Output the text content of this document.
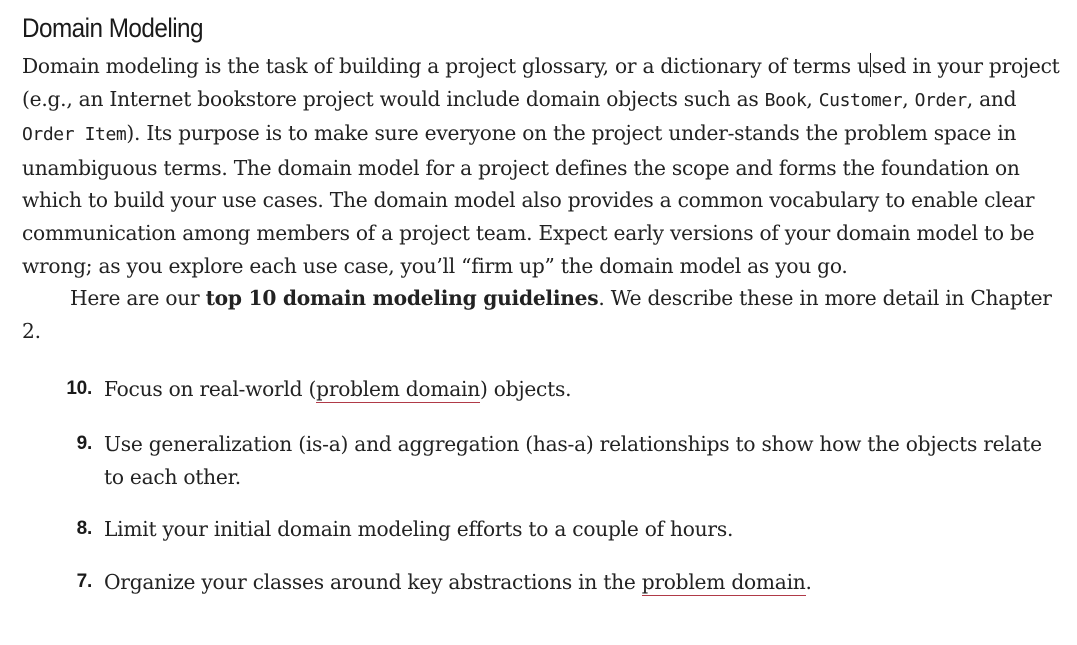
Domain Modeling

Domain modeling is the task of building a project glossary, or a dictionary of terms used in your project (e.g., an Internet bookstore project would include domain objects such as Book, Customer, Order, and Order Item). Its purpose is to make sure everyone on the project under-stands the problem space in unambiguous terms. The domain model for a project defines the scope and forms the foundation on which to build your use cases. The domain model also provides a common vocabulary to enable clear communication among members of a project team. Expect early versions of your domain model to be wrong; as you explore each use case, you’ll “firm up” the domain model as you go.

Here are our top 10 domain modeling guidelines. We describe these in more detail in Chapter 2.

10. Focus on real-world (problem domain) objects.
9. Use generalization (is-a) and aggregation (has-a) relationships to show how the objects relate to each other.
8. Limit your initial domain modeling efforts to a couple of hours.
7. Organize your classes around key abstractions in the problem domain.
